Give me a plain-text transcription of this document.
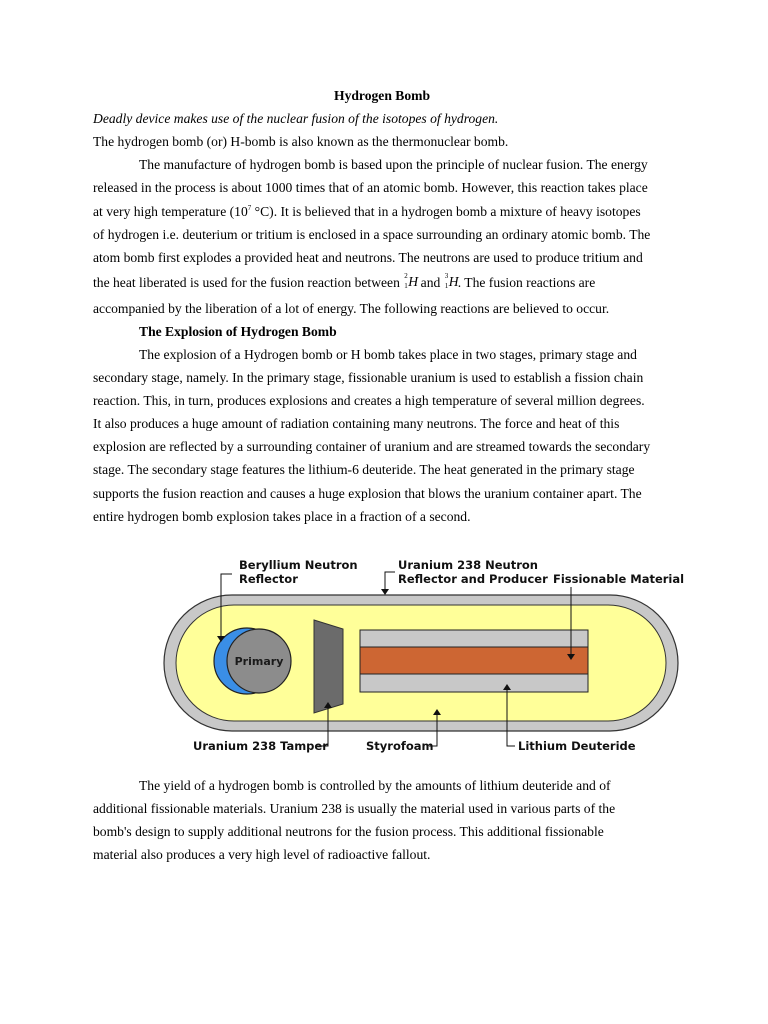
Hydrogen Bomb
Deadly device makes use of the nuclear fusion of the isotopes of hydrogen.
The hydrogen bomb (or) H-bomb is also known as the thermonuclear bomb.
The manufacture of hydrogen bomb is based upon the principle of nuclear fusion. The energy
released in the process is about 1000 times that of an atomic bomb. However, this reaction takes place
at very high temperature ($10^7$ °C). It is believed that in a hydrogen bomb a mixture of heavy isotopes
of hydrogen i.e. deuterium or tritium is enclosed in a space surrounding an ordinary atomic bomb. The
atom bomb first explodes a provided heat and neutrons. The neutrons are used to produce tritium and
the heat liberated is used for the fusion reaction between 2
1 H and 3
1 H . The fusion reactions are
accompanied by the liberation of a lot of energy. The following reactions are believed to occur.
The Explosion of Hydrogen Bomb
The explosion of a Hydrogen bomb or H bomb takes place in two stages, primary stage and
secondary stage, namely. In the primary stage, fissionable uranium is used to establish a fission chain
reaction. This, in turn, produces explosions and creates a high temperature of several million degrees.
It also produces a huge amount of radiation containing many neutrons. The force and heat of this
explosion are reflected by a surrounding container of uranium and are streamed towards the secondary
stage. The secondary stage features the lithium-6 deuteride. The heat generated in the primary stage
supports the fusion reaction and causes a huge explosion that blows the uranium container apart. The
entire hydrogen bomb explosion takes place in a fraction of a second.
Primary
Beryllium Neutron
Reflector
Uranium 238 Neutron
Reflector and Producer Fissionable Material
Uranium 238 Tamper	Styrofoam	Lithium Deuteride
The yield of a hydrogen bomb is controlled by the amounts of lithium deuteride and of
additional fissionable materials. Uranium 238 is usually the material used in various parts of the
bomb's design to supply additional neutrons for the fusion process. This additional fissionable
material also produces a very high level of radioactive fallout.
